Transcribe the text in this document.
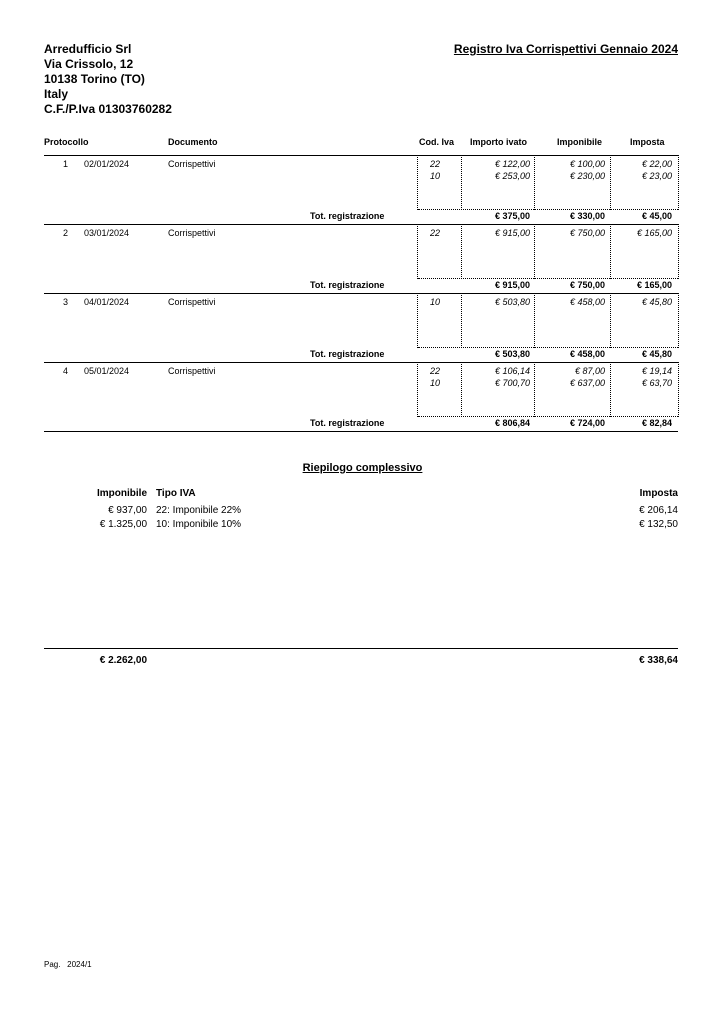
Arredufficio Srl
Via Crissolo, 12
10138 Torino (TO)
Italy
C.F./P.Iva 01303760282
Registro Iva Corrispettivi Gennaio 2024
Protocollo	Documento	Cod. Iva Importo ivato	Imponibile	Imposta
1 02/01/2024	Corrispettivi	22	€ 122,00	€ 100,00	€ 22,00
10	€ 253,00	€ 230,00	€ 23,00
Tot. registrazione	€ 375,00	€ 330,00	€ 45,00
2 03/01/2024	Corrispettivi	22	€ 915,00	€ 750,00	€ 165,00
Tot. registrazione	€ 915,00	€ 750,00	€ 165,00
3 04/01/2024	Corrispettivi	10	€ 503,80	€ 458,00	€ 45,80
Tot. registrazione	€ 503,80	€ 458,00	€ 45,80
4 05/01/2024	Corrispettivi	22	€ 106,14	€ 87,00	€ 19,14
10	€ 700,70	€ 637,00	€ 63,70
Tot. registrazione	€ 806,84	€ 724,00	€ 82,84
Riepilogo complessivo
Imponibile Tipo IVA	Imposta
€ 937,00 22: Imponibile 22%	€ 206,14
€ 1.325,00 10: Imponibile 10%	€ 132,50
€ 2.262,00	€ 338,64
Pag. 2024/1
